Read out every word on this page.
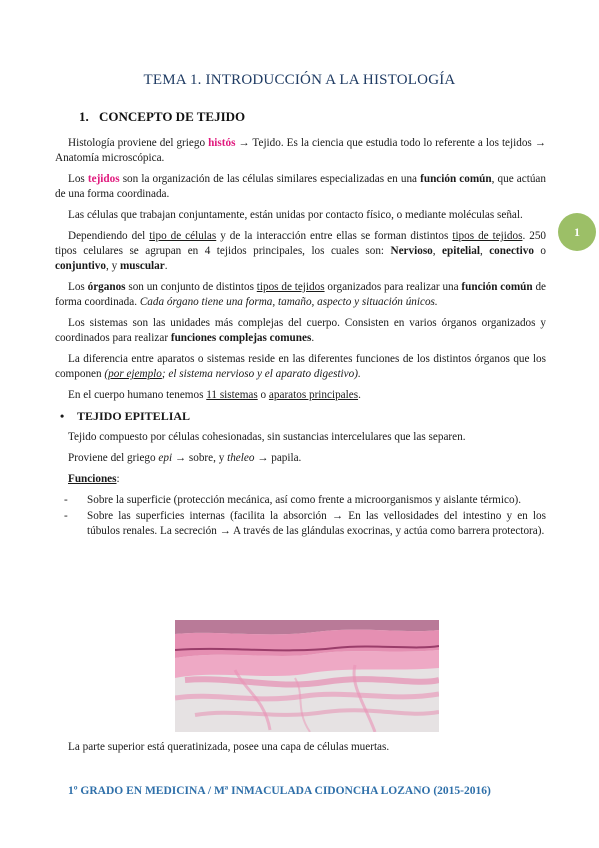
TEMA 1. INTRODUCCIÓN A LA HISTOLOGÍA
1. CONCEPTO DE TEJIDO
1

Histología proviene del griego histós → Tejido. Es la ciencia que estudia todo lo referente a los tejidos → Anatomía microscópica.

Los tejidos son la organización de las células similares especializadas en una función común, que actúan de una forma coordinada.

Las células que trabajan conjuntamente, están unidas por contacto físico, o mediante moléculas señal.

Dependiendo del tipo de células y de la interacción entre ellas se forman distintos tipos de tejidos. 250 tipos celulares se agrupan en 4 tejidos principales, los cuales son: Nervioso, epitelial, conectivo o conjuntivo, y muscular.

Los órganos son un conjunto de distintos tipos de tejidos organizados para realizar una función común de forma coordinada. Cada órgano tiene una forma, tamaño, aspecto y situación únicos.

Los sistemas son las unidades más complejas del cuerpo. Consisten en varios órganos organizados y coordinados para realizar funciones complejas comunes.

La diferencia entre aparatos o sistemas reside en las diferentes funciones de los distintos órganos que los componen (por ejemplo; el sistema nervioso y el aparato digestivo).

En el cuerpo humano tenemos 11 sistemas o aparatos principales.

• TEJIDO EPITELIAL

Tejido compuesto por células cohesionadas, sin sustancias intercelulares que las separen.

Proviene del griego epi → sobre, y theleo → papila.

Funciones:

- Sobre la superficie (protección mecánica, así como frente a microorganismos y aislante térmico).
- Sobre las superficies internas (facilita la absorción → En las vellosidades del intestino y en los túbulos renales. La secreción → A través de las glándulas exocrinas, y actúa como barrera protectora).
La parte superior está queratinizada, posee una capa de células muertas.
1º GRADO EN MEDICINA / Mª INMACULADA CIDONCHA LOZANO (2015-2016)
